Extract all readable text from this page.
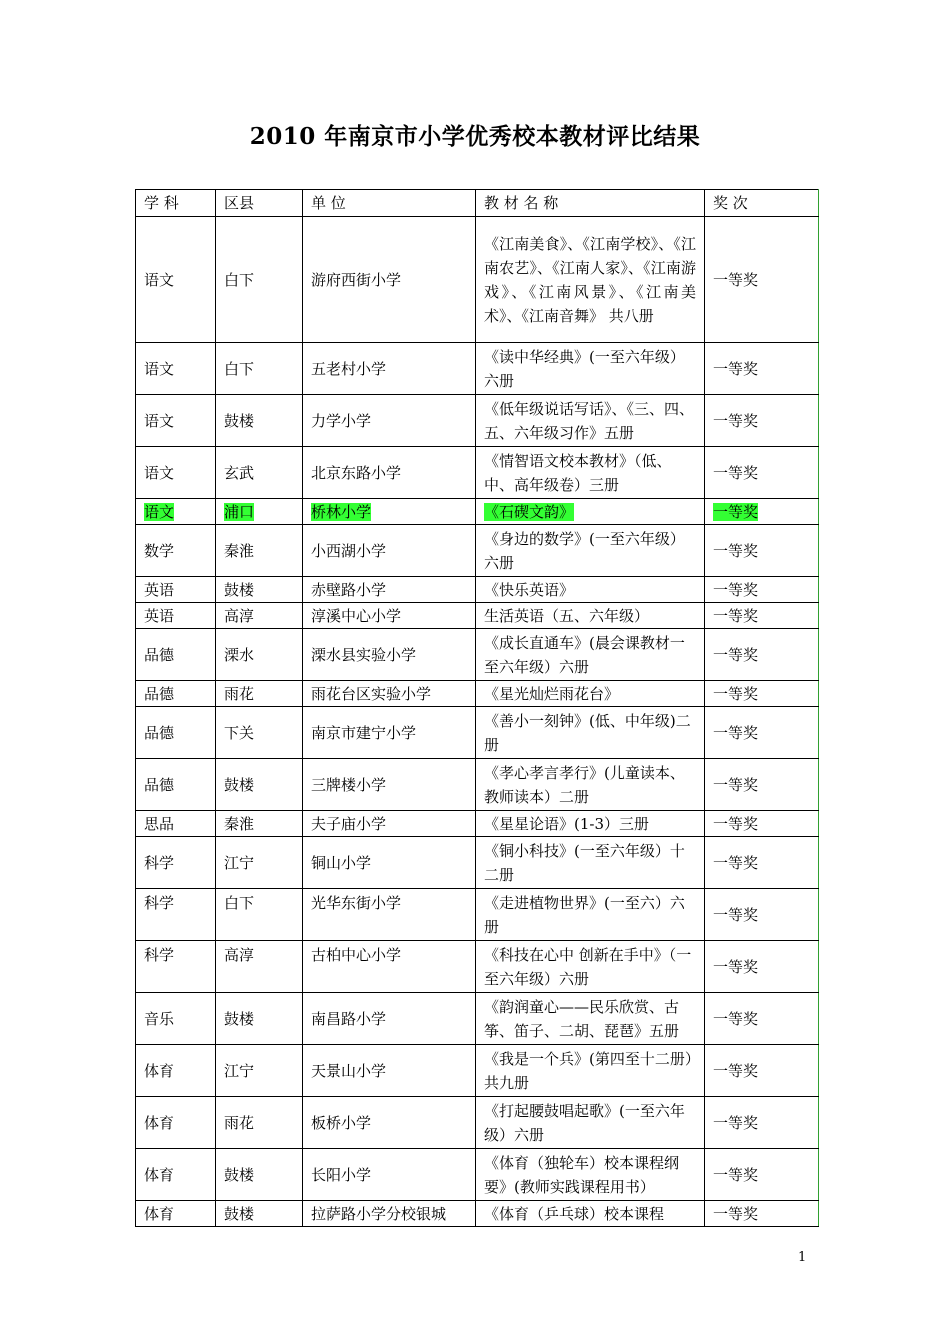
2010 年南京市小学优秀校本教材评比结果
学 科	区县	单 位	教 材 名 称	奖 次
语文	白下	游府西街小学	《江南美食》、《江南学校》、《江南农艺》、《江南人家》、《江南游戏》、《江南风景》、《江南美术》、《江南音舞》 共八册	一等奖
语文	白下	五老村小学	《读中华经典》(一至六年级）六册	一等奖
语文	鼓楼	力学小学	《低年级说话写话》、《三、四、五、六年级习作》五册	一等奖
语文	玄武	北京东路小学	《情智语文校本教材》（低、中、高年级卷）三册	一等奖
语文	浦口	桥林小学	《石碶文韵》	一等奖
数学	秦淮	小西湖小学	《身边的数学》(一至六年级）六册	一等奖
英语	鼓楼	赤壁路小学	《快乐英语》	一等奖
英语	高淳	淳溪中心小学	生活英语（五、六年级）	一等奖
品德	溧水	溧水县实验小学	《成长直通车》(晨会课教材一至六年级）六册	一等奖
品德	雨花	雨花台区实验小学	《星光灿烂雨花台》	一等奖
品德	下关	南京市建宁小学	《善小一刻钟》(低、中年级)二册	一等奖
品德	鼓楼	三牌楼小学	《孝心孝言孝行》(儿童读本、教师读本）二册	一等奖
思品	秦淮	夫子庙小学	《星星论语》(1-3）三册	一等奖
科学	江宁	铜山小学	《铜小科技》(一至六年级）十二册	一等奖
科学	白下	光华东街小学	《走进植物世界》(一至六）六册	一等奖
科学	高淳	古柏中心小学	《科技在心中 创新在手中》（一至六年级）六册	一等奖
音乐	鼓楼	南昌路小学	《韵润童心——民乐欣赏、古筝、笛子、二胡、琵琶》五册	一等奖
体育	江宁	天景山小学	《我是一个兵》(第四至十二册）共九册	一等奖
体育	雨花	板桥小学	《打起腰鼓唱起歌》(一至六年级）六册	一等奖
体育	鼓楼	长阳小学	《体育（独轮车）校本课程纲要》(教师实践课程用书）	一等奖
体育	鼓楼	拉萨路小学分校银城	《体育（乒乓球）校本课程	一等奖
1
